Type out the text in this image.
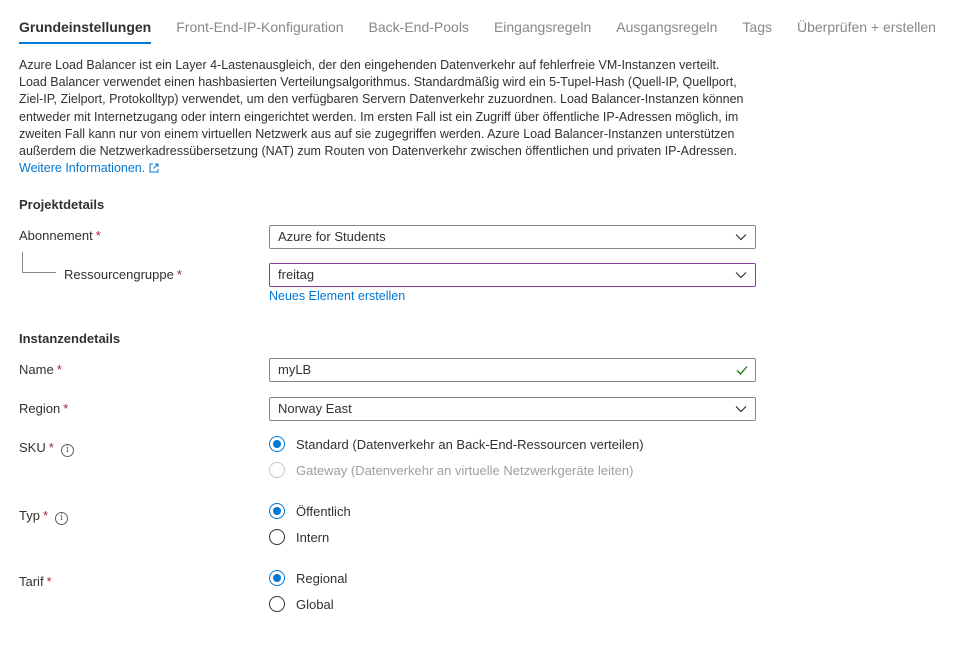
Grundeinstellungen Front-End-IP-Konfiguration Back-End-Pools Eingangsregeln Ausgangsregeln Tags Überprüfen + erstellen
Azure Load Balancer ist ein Layer 4-Lastenausgleich, der den eingehenden Datenverkehr auf fehlerfreie VM-Instanzen verteilt. Load Balancer verwendet einen hashbasierten Verteilungsalgorithmus. Standardmäßig wird ein 5-Tupel-Hash (Quell-IP, Quellport, Ziel-IP, Zielport, Protokolltyp) verwendet, um den verfügbaren Servern Datenverkehr zuzuordnen. Load Balancer-Instanzen können entweder mit Internetzugang oder intern eingerichtet werden. Im ersten Fall ist ein Zugriff über öffentliche IP-Adressen möglich, im zweiten Fall kann nur von einem virtuellen Netzwerk aus auf sie zugegriffen werden. Azure Load Balancer-Instanzen unterstützen außerdem die Netzwerkadressübersetzung (NAT) zum Routen von Datenverkehr zwischen öffentlichen und privaten IP-Adressen. Weitere Informationen.
Projektdetails
Abonnement *	Azure for Students
Ressourcengruppe *	freitag
Neues Element erstellen
Instanzendetails
Name *	myLB
Region *	Norway East
SKU * i	Standard (Datenverkehr an Back-End-Ressourcen verteilen)
Gateway (Datenverkehr an virtuelle Netzwerkgeräte leiten)
Typ * i	Öffentlich
Intern
Tarif *	Regional
Global
